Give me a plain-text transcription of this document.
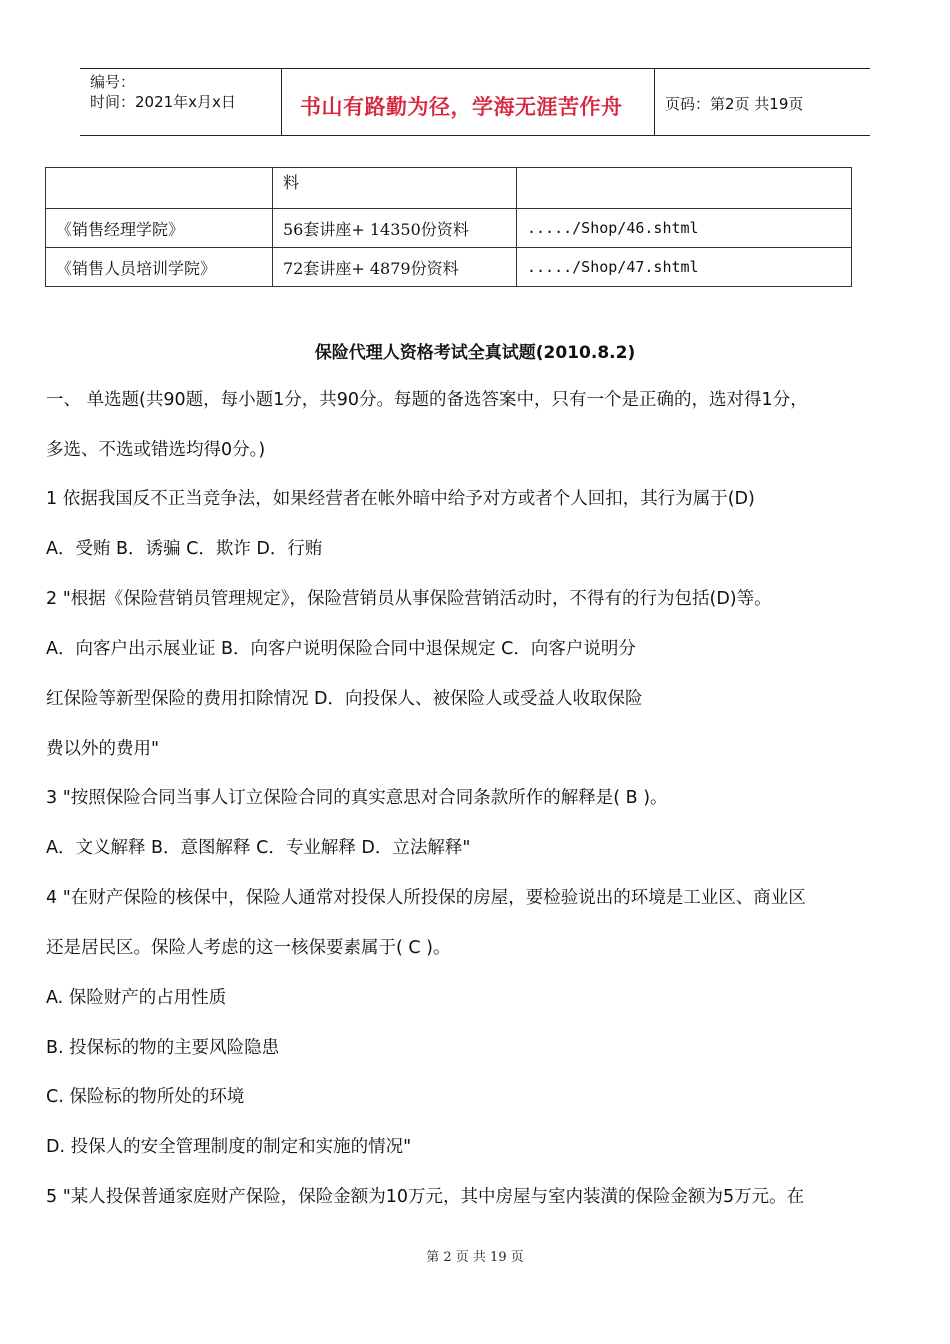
编号：
时间：2021年x月x日	书山有路勤为径，学海无涯苦作舟	页码：第2页 共19页
	料	
《销售经理学院》	56套讲座+ 14350份资料	...../Shop/46.shtml
《销售人员培训学院》	72套讲座+ 4879份资料	...../Shop/47.shtml
保险代理人资格考试全真试题(2010.8.2)
一、 单选题(共90题，每小题1分，共90分。每题的备选答案中，只有一个是正确的，选对得1分，
多选、不选或错选均得0分。)
1 依据我国反不正当竞争法，如果经营者在帐外暗中给予对方或者个人回扣，其行为属于(D)
A．受贿 B．诱骗 C．欺诈 D．行贿
2 "根据《保险营销员管理规定》，保险营销员从事保险营销活动时，不得有的行为包括(D)等。
A．向客户出示展业证 B．向客户说明保险合同中退保规定 C．向客户说明分
红保险等新型保险的费用扣除情况 D．向投保人、被保险人或受益人收取保险
费以外的费用"
3 "按照保险合同当事人订立保险合同的真实意思对合同条款所作的解释是( B )。
A．文义解释 B．意图解释 C．专业解释 D．立法解释"
4 "在财产保险的核保中，保险人通常对投保人所投保的房屋，要检验说出的环境是工业区、商业区
还是居民区。保险人考虑的这一核保要素属于( C )。
A. 保险财产的占用性质
B. 投保标的物的主要风险隐患
C. 保险标的物所处的环境
D. 投保人的安全管理制度的制定和实施的情况"
5 "某人投保普通家庭财产保险，保险金额为10万元，其中房屋与室内装潢的保险金额为5万元。在
第 2 页 共 19 页
